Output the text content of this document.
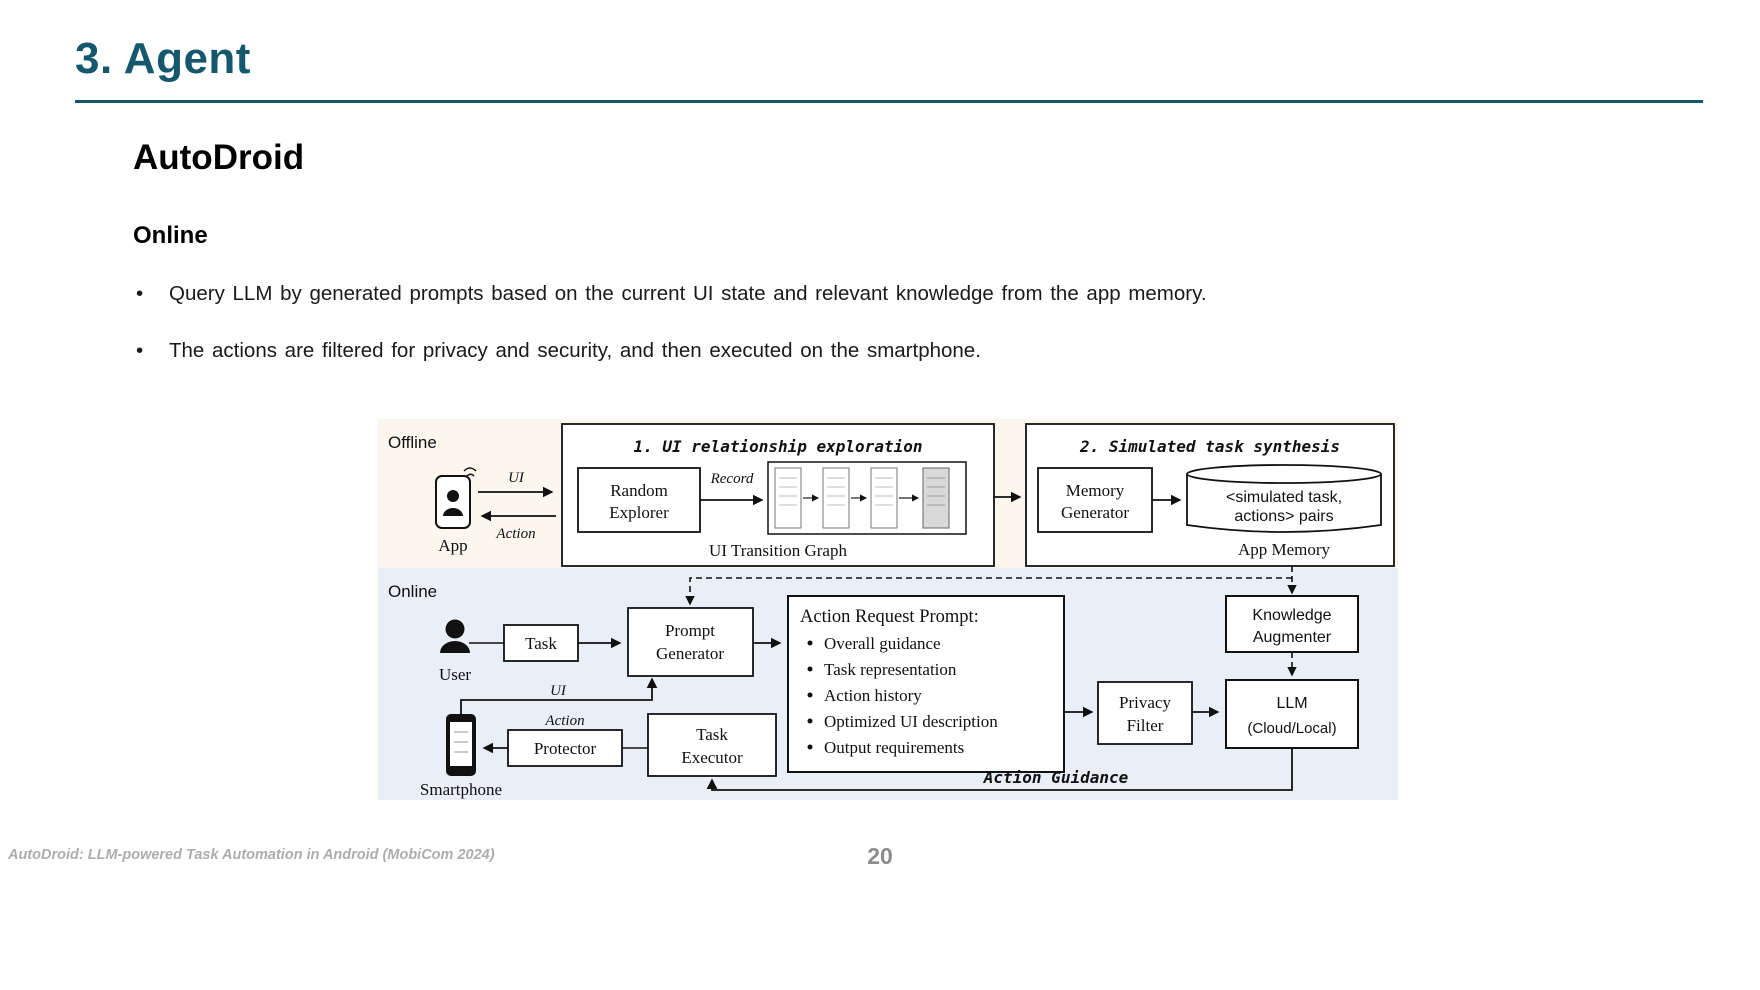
3. Agent
AutoDroid
Online
• Query LLM by generated prompts based on the current UI state and relevant knowledge from the app memory.
• The actions are filtered for privacy and security, and then executed on the smartphone.
Offline
App
UI
Action
1. UI relationship exploration
Random
Explorer
Record
UI Transition Graph
2. Simulated task synthesis
Memory
Generator
<simulated task,
actions> pairs
App Memory
Online
User
Task
Prompt
Generator
Action Request Prompt:
Overall guidance
Task representation
Action history
Optimized UI description
Output requirements
Privacy
Filter
LLM
(Cloud/Local)
Knowledge
Augmenter
Action Guidance
Task
Executor
Protector
Action
UI
Smartphone
AutoDroid: LLM-powered Task Automation in Android (MobiCom 2024)	20
